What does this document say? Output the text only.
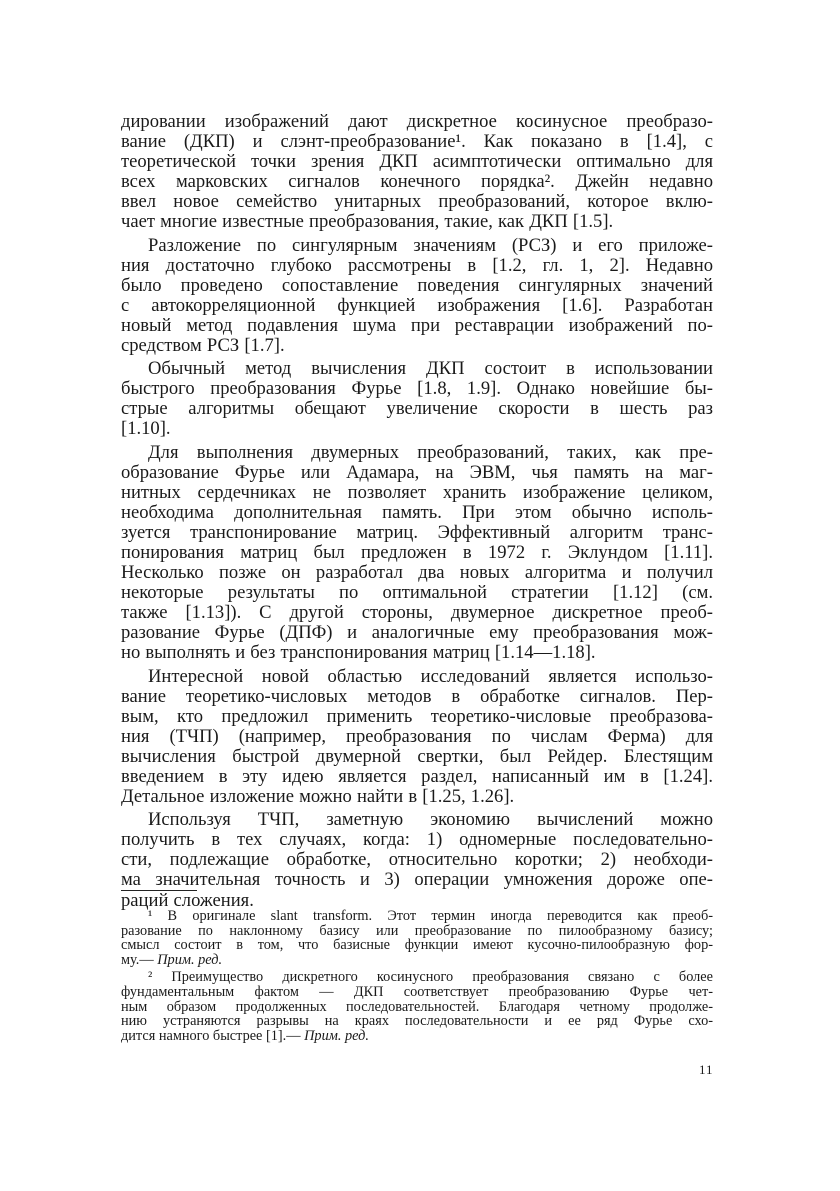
дировании изображений дают дискретное косинусное преобразо-
вание (ДКП) и слэнт-преобразование¹. Как показано в [1.4], с
теоретической точки зрения ДКП асимптотически оптимально для
всех марковских сигналов конечного порядка². Джейн недавно
ввел новое семейство унитарных преобразований, которое вклю-
чает многие известные преобразования, такие, как ДКП [1.5].

Разложение по сингулярным значениям (РСЗ) и его приложе-
ния достаточно глубоко рассмотрены в [1.2, гл. 1, 2]. Недавно
было проведено сопоставление поведения сингулярных значений
с автокорреляционной функцией изображения [1.6]. Разработан
новый метод подавления шума при реставрации изображений по-
средством РСЗ [1.7].

Обычный метод вычисления ДКП состоит в использовании
быстрого преобразования Фурье [1.8, 1.9]. Однако новейшие бы-
стрые алгоритмы обещают увеличение скорости в шесть раз
[1.10].

Для выполнения двумерных преобразований, таких, как пре-
образование Фурье или Адамара, на ЭВМ, чья память на маг-
нитных сердечниках не позволяет хранить изображение целиком,
необходима дополнительная память. При этом обычно исполь-
зуется транспонирование матриц. Эффективный алгоритм транс-
понирования матриц был предложен в 1972 г. Эклундом [1.11].
Несколько позже он разработал два новых алгоритма и получил
некоторые результаты по оптимальной стратегии [1.12] (см.
также [1.13]). С другой стороны, двумерное дискретное преоб-
разование Фурье (ДПФ) и аналогичные ему преобразования мож-
но выполнять и без транспонирования матриц [1.14—1.18].

Интересной новой областью исследований является использо-
вание теоретико-числовых методов в обработке сигналов. Пер-
вым, кто предложил применить теоретико-числовые преобразова-
ния (ТЧП) (например, преобразования по числам Ферма) для
вычисления быстрой двумерной свертки, был Рейдер. Блестящим
введением в эту идею является раздел, написанный им в [1.24].
Детальное изложение можно найти в [1.25, 1.26].

Используя ТЧП, заметную экономию вычислений можно
получить в тех случаях, когда: 1) одномерные последовательно-
сти, подлежащие обработке, относительно коротки; 2) необходи-
ма значительная точность и 3) операции умножения дороже опе-
раций сложения.

¹ В оригинале slant transform. Этот термин иногда переводится как преоб-
разование по наклонному базису или преобразование по пилообразному базису;
смысл состоит в том, что базисные функции имеют кусочно-пилообразную фор-
му.— Прим. ред.

² Преимущество дискретного косинусного преобразования связано с более
фундаментальным фактом — ДКП соответствует преобразованию Фурье чет-
ным образом продолженных последовательностей. Благодаря четному продолже-
нию устраняются разрывы на краях последовательности и ее ряд Фурье схо-
дится намного быстрее [1].— Прим. ред.

11
